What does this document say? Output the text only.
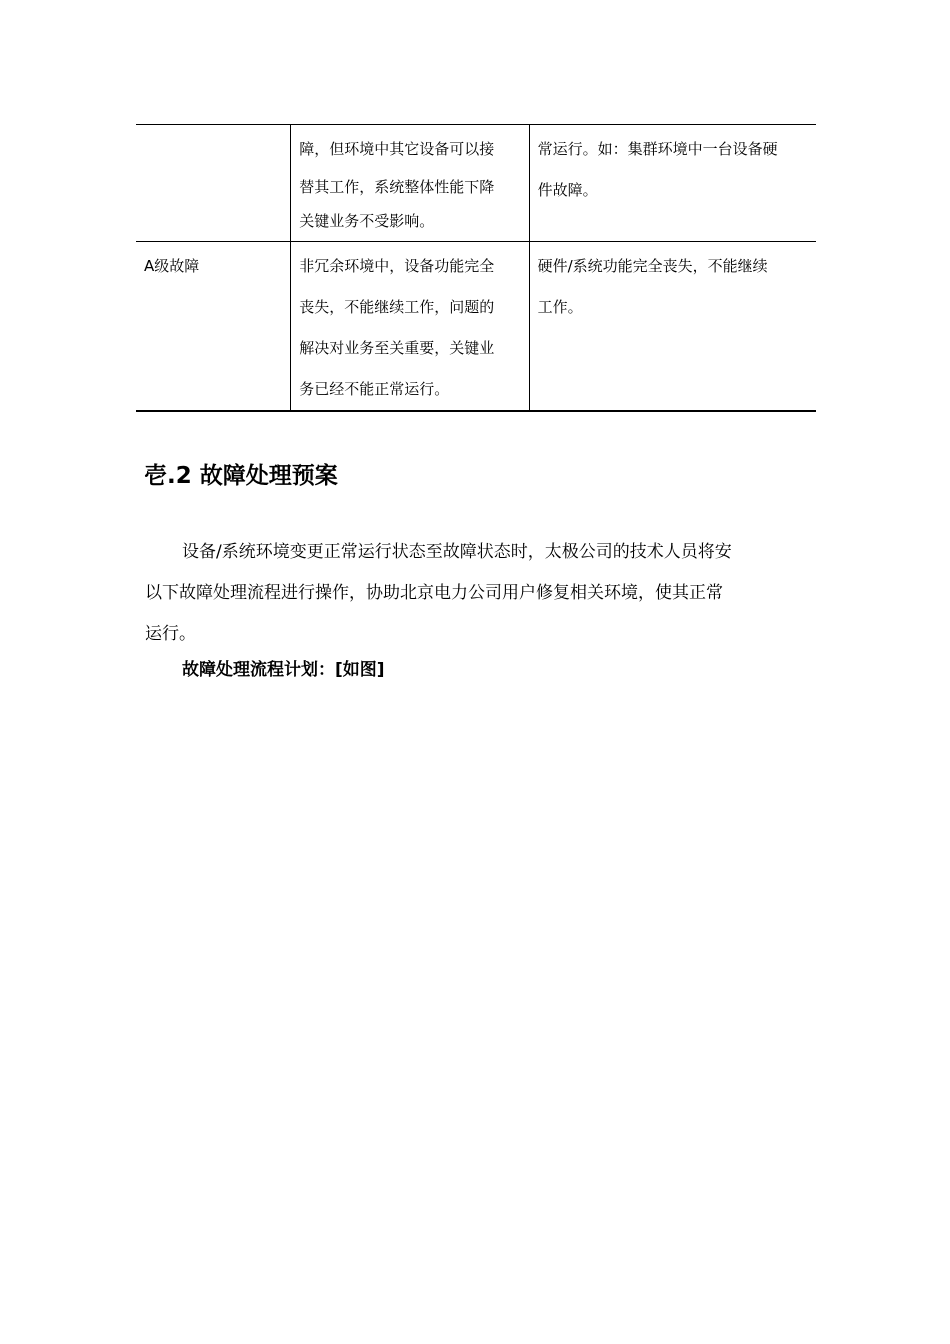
	障，但环境中其它设备可以接
替其工作，系统整体性能下降
关键业务不受影响。	常运行。如：集群环境中一台设备硬
件故障。

A级故障	非冗余环境中，设备功能完全
丧失，不能继续工作，问题的
解决对业务至关重要，关键业
务已经不能正常运行。	硬件/系统功能完全丧失，不能继续
工作。
壱.2 故障处理预案

设备/系统环境变更正常运行状态至故障状态时，太极公司的技术人员将安
以下故障处理流程进行操作，协助北京电力公司用户修复相关环境，使其正常
运行。

故障处理流程计划：[如图]
